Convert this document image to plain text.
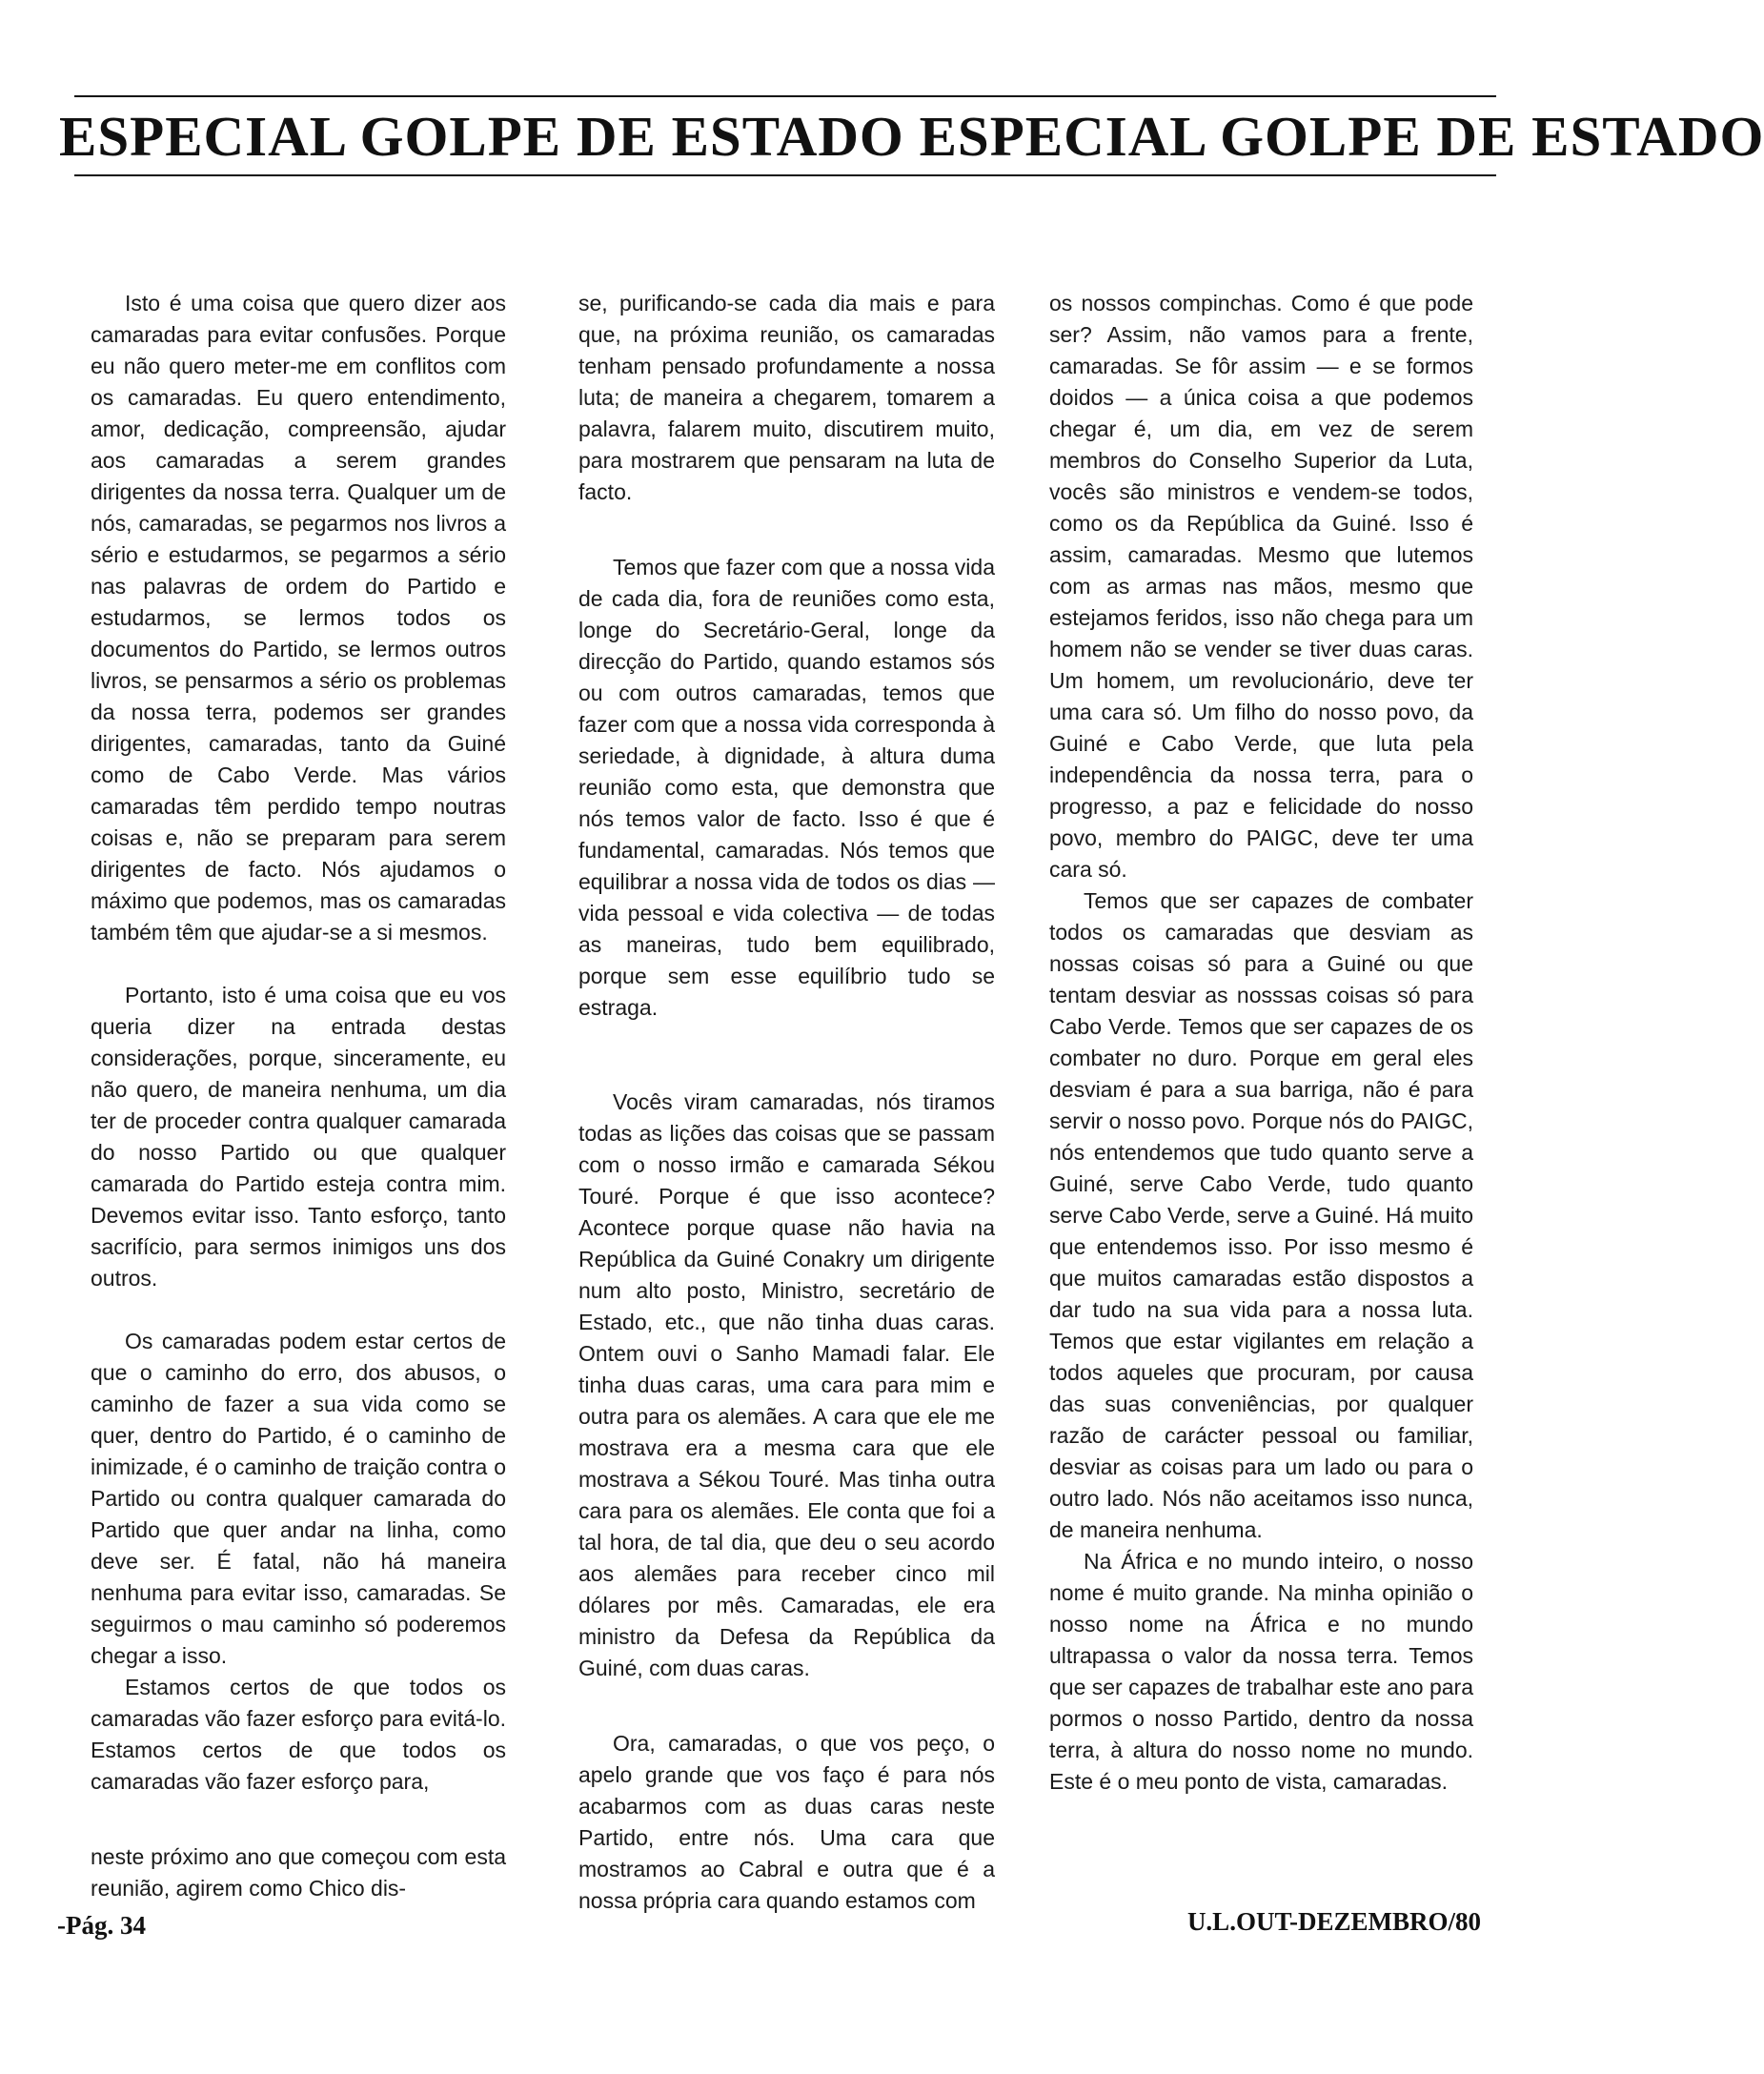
ESPECIAL GOLPE DE ESTADO ESPECIAL GOLPE DE ESTADO

Isto é uma coisa que quero dizer aos camaradas para evitar confusões. Porque eu não quero meter-me em conflitos com os camaradas. Eu quero entendimento, amor, dedicação, compreensão, ajudar aos camaradas a serem grandes dirigentes da nossa terra. Qualquer um de nós, camaradas, se pegarmos nos livros a sério e estudarmos, se pegarmos a sério nas palavras de ordem do Partido e estudarmos, se lermos todos os documentos do Partido, se lermos outros livros, se pensarmos a sério os problemas da nossa terra, podemos ser grandes dirigentes, camaradas, tanto da Guiné como de Cabo Verde. Mas vários camaradas têm perdido tempo noutras coisas e, não se preparam para serem dirigentes de facto. Nós ajudamos o máximo que podemos, mas os camaradas também têm que ajudar-se a si mesmos.

Portanto, isto é uma coisa que eu vos queria dizer na entrada destas considerações, porque, sinceramente, eu não quero, de maneira nenhuma, um dia ter de proceder contra qualquer camarada do nosso Partido ou que qualquer camarada do Partido esteja contra mim. Devemos evitar isso. Tanto esforço, tanto sacrifício, para sermos inimigos uns dos outros.

Os camaradas podem estar certos de que o caminho do erro, dos abusos, o caminho de fazer a sua vida como se quer, dentro do Partido, é o caminho de inimizade, é o caminho de traição contra o Partido ou contra qualquer camarada do Partido que quer andar na linha, como deve ser. É fatal, não há maneira nenhuma para evitar isso, camaradas. Se seguirmos o mau caminho só poderemos chegar a isso.

Estamos certos de que todos os camaradas vão fazer esforço para evitá-lo. Estamos certos de que todos os camaradas vão fazer esforço para,

neste próximo ano que começou com esta reunião, agirem como Chico dis-

se, purificando-se cada dia mais e para que, na próxima reunião, os camaradas tenham pensado profundamente a nossa luta; de maneira a chegarem, tomarem a palavra, falarem muito, discutirem muito, para mostrarem que pensaram na luta de facto.

Temos que fazer com que a nossa vida de cada dia, fora de reuniões como esta, longe do Secretário-Geral, longe da direcção do Partido, quando estamos sós ou com outros camaradas, temos que fazer com que a nossa vida corresponda à seriedade, à dignidade, à altura duma reunião como esta, que demonstra que nós temos valor de facto. Isso é que é fundamental, camaradas. Nós temos que equilibrar a nossa vida de todos os dias — vida pessoal e vida colectiva — de todas as maneiras, tudo bem equilibrado, porque sem esse equilíbrio tudo se estraga.

Vocês viram camaradas, nós tiramos todas as lições das coisas que se passam com o nosso irmão e camarada Sékou Touré. Porque é que isso acontece? Acontece porque quase não havia na República da Guiné Conakry um dirigente num alto posto, Ministro, secretário de Estado, etc., que não tinha duas caras. Ontem ouvi o Sanho Mamadi falar. Ele tinha duas caras, uma cara para mim e outra para os alemães. A cara que ele me mostrava era a mesma cara que ele mostrava a Sékou Touré. Mas tinha outra cara para os alemães. Ele conta que foi a tal hora, de tal dia, que deu o seu acordo aos alemães para receber cinco mil dólares por mês. Camaradas, ele era ministro da Defesa da República da Guiné, com duas caras.

Ora, camaradas, o que vos peço, o apelo grande que vos faço é para nós acabarmos com as duas caras neste Partido, entre nós. Uma cara que mostramos ao Cabral e outra que é a nossa própria cara quando estamos com

os nossos compinchas. Como é que pode ser? Assim, não vamos para a frente, camaradas. Se fôr assim — e se formos doidos — a única coisa a que podemos chegar é, um dia, em vez de serem membros do Conselho Superior da Luta, vocês são ministros e vendem-se todos, como os da República da Guiné. Isso é assim, camaradas. Mesmo que lutemos com as armas nas mãos, mesmo que estejamos feridos, isso não chega para um homem não se vender se tiver duas caras. Um homem, um revolucionário, deve ter uma cara só. Um filho do nosso povo, da Guiné e Cabo Verde, que luta pela independência da nossa terra, para o progresso, a paz e felicidade do nosso povo, membro do PAIGC, deve ter uma cara só.

Temos que ser capazes de combater todos os camaradas que desviam as nossas coisas só para a Guiné ou que tentam desviar as nosssas coisas só para Cabo Verde. Temos que ser capazes de os combater no duro. Porque em geral eles desviam é para a sua barriga, não é para servir o nosso povo. Porque nós do PAIGC, nós entendemos que tudo quanto serve a Guiné, serve Cabo Verde, tudo quanto serve Cabo Verde, serve a Guiné. Há muito que entendemos isso. Por isso mesmo é que muitos camaradas estão dispostos a dar tudo na sua vida para a nossa luta. Temos que estar vigilantes em relação a todos aqueles que procuram, por causa das suas conveniências, por qualquer razão de carácter pessoal ou familiar, desviar as coisas para um lado ou para o outro lado. Nós não aceitamos isso nunca, de maneira nenhuma.

Na África e no mundo inteiro, o nosso nome é muito grande. Na minha opinião o nosso nome na África e no mundo ultrapassa o valor da nossa terra. Temos que ser capazes de trabalhar este ano para pormos o nosso Partido, dentro da nossa terra, à altura do nosso nome no mundo. Este é o meu ponto de vista, camaradas.

-Pág. 34	U.L.OUT-DEZEMBRO/80
